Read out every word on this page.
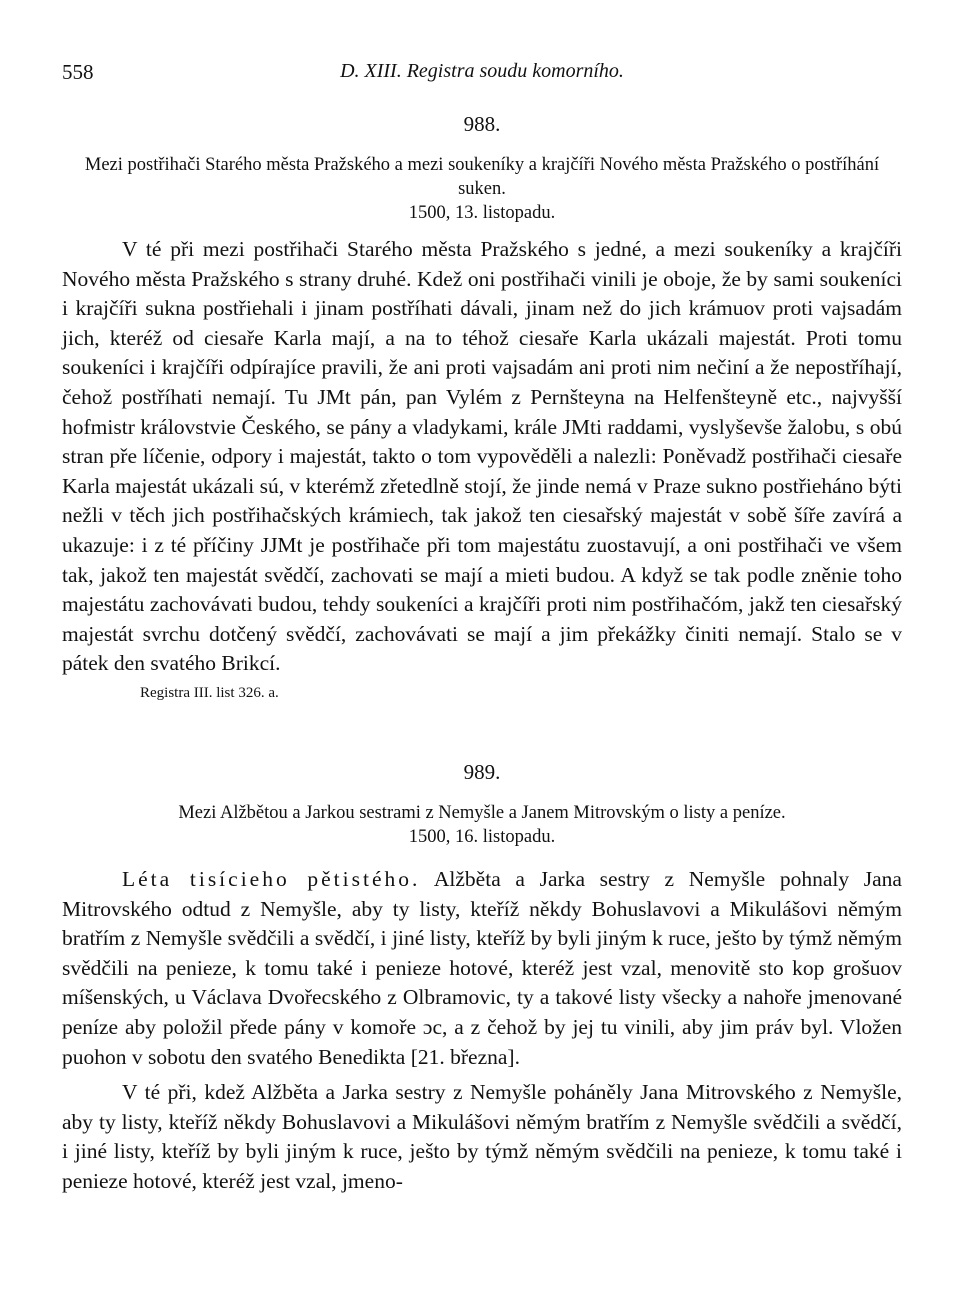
558	D. XIII. Registra soudu komorního.

988.

Mezi postřihači Starého města Pražského a mezi soukeníky a krajčíři Nového města Pražského o postříhání suken.

1500, 13. listopadu.

V té při mezi postřihači Starého města Pražského s jedné, a mezi soukeníky a krajčíři Nového města Pražského s strany druhé. Kdež oni postřihači vinili je oboje, že by sami soukeníci i krajčíři sukna postřiehali i jinam postříhati dávali, jinam než do jich krámuov proti vajsadám jich, kteréž od ciesaře Karla mají, a na to téhož ciesaře Karla ukázali majestát. Proti tomu soukeníci i krajčíři odpírajíce pravili, že ani proti vajsadám ani proti nim nečiní a že nepostříhají, čehož postříhati nemají. Tu JMt pán, pan Vylém z Pernšteyna na Helfenšteyně etc., najvyšší hofmistr královstvie Českého, se pány a vladykami, krále JMti raddami, vyslyševše žalobu, s obú stran pře líčenie, odpory i majestát, takto o tom vypověděli a nalezli: Poněvadž postřihači ciesaře Karla majestát ukázali sú, v kterémž zřetedlně stojí, že jinde nemá v Praze sukno postřieháno býti nežli v těch jich postřihačských krámiech, tak jakož ten ciesařský majestát v sobě šíře zavírá a ukazuje: i z té příčiny JJMt je postřihače při tom majestátu zuostavují, a oni postřihači ve všem tak, jakož ten majestát svědčí, zachovati se mají a mieti budou. A když se tak podle zněnie toho majestátu zachovávati budou, tehdy soukeníci a krajčíři proti nim postřihačóm, jakž ten ciesařský majestát svrchu dotčený svědčí, zachovávati se mají a jim překážky činiti nemají. Stalo se v pátek den svatého Brikcí.

Registra III. list 326. a.

989.

Mezi Alžbětou a Jarkou sestrami z Nemyšle a Janem Mitrovským o listy a peníze.

1500, 16. listopadu.

Léta tisícieho pětistého. Alžběta a Jarka sestry z Nemyšle pohnaly Jana Mitrovského odtud z Nemyšle, aby ty listy, kteříž někdy Bohuslavovi a Mikulášovi němým bratřím z Nemyšle svědčili a svědčí, i jiné listy, kteříž by byli jiným k ruce, ješto by týmž němým svědčili na penieze, k tomu také i penieze hotové, kteréž jest vzal, menovitě sto kop grošuov míšenských, u Václava Dvořecského z Olbramovic, ty a takové listy všecky a nahoře jmenované peníze aby položil přede pány v komoře ɔc, a z čehož by jej tu vinili, aby jim práv byl. Vložen puohon v sobotu den svatého Benedikta [21. března].

V té při, kdež Alžběta a Jarka sestry z Nemyšle poháněly Jana Mitrovského z Nemyšle, aby ty listy, kteříž někdy Bohuslavovi a Mikulášovi němým bratřím z Nemyšle svědčili a svědčí, i jiné listy, kteříž by byli jiným k ruce, ješto by týmž němým svědčili na penieze, k tomu také i penieze hotové, kteréž jest vzal, jmeno-
